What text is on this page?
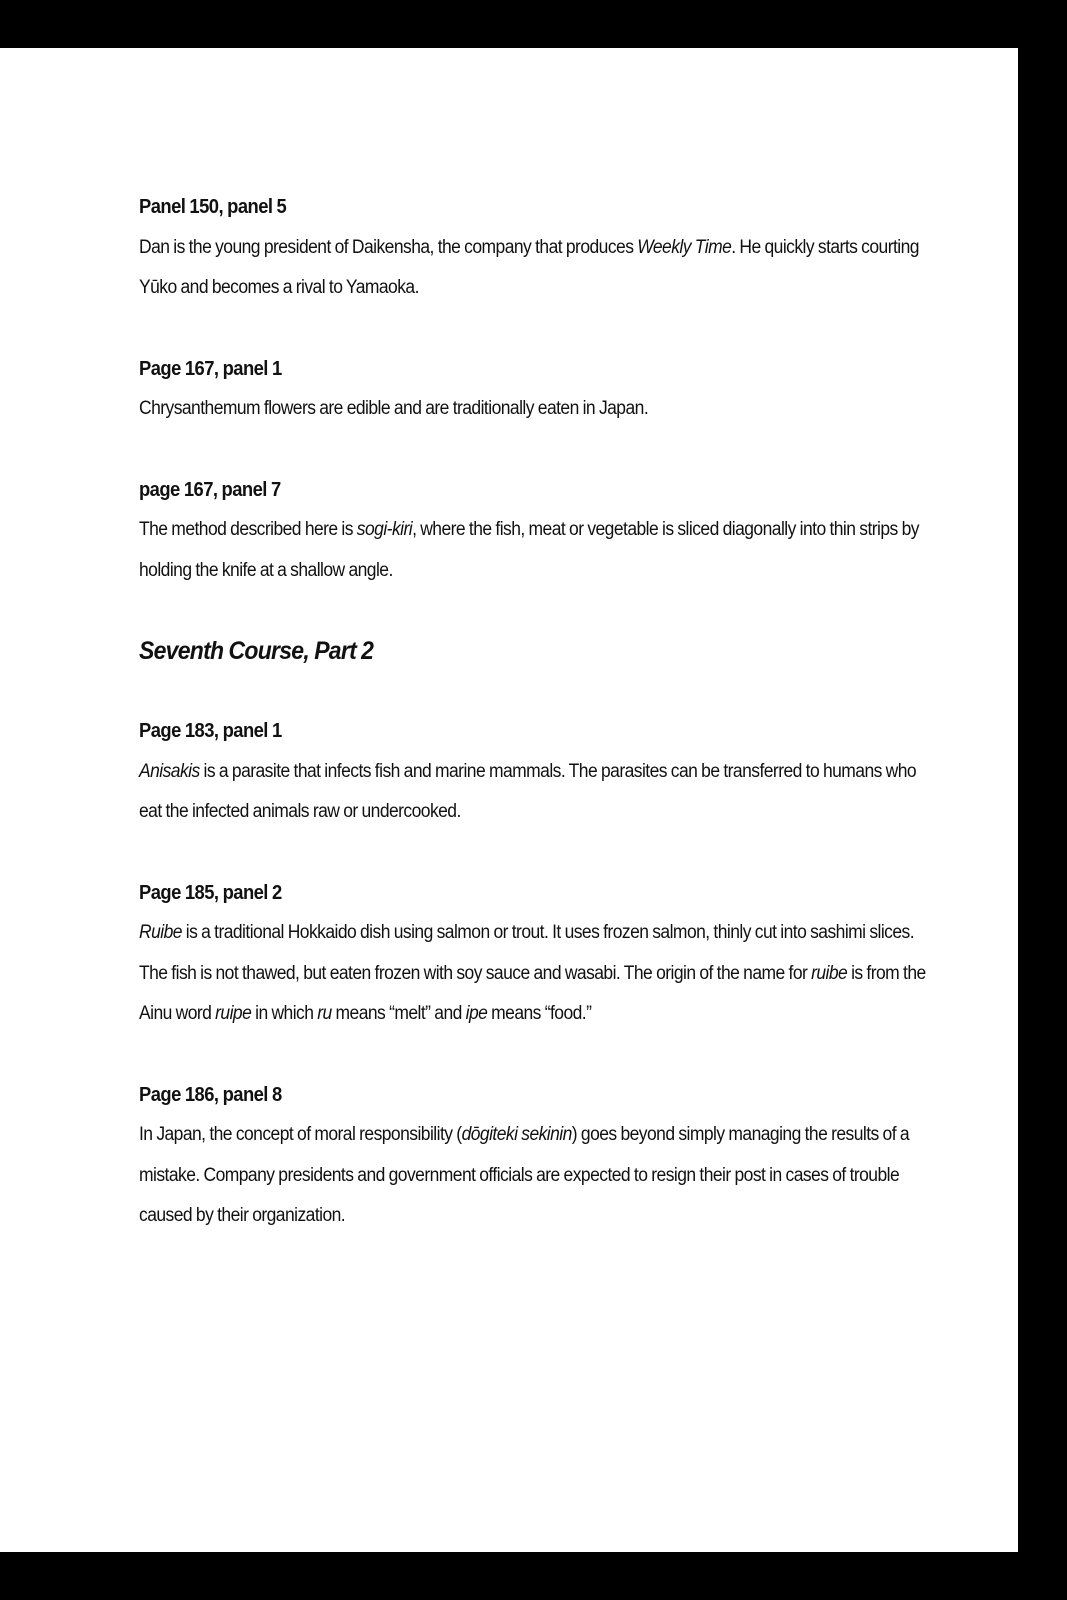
Panel 150, panel 5

Dan is the young president of Daikensha, the company that produces Weekly Time. He quickly starts courting Yūko and becomes a rival to Yamaoka.

Page 167, panel 1

Chrysanthemum flowers are edible and are traditionally eaten in Japan.

page 167, panel 7

The method described here is sogi-kiri, where the fish, meat or vegetable is sliced diagonally into thin strips by holding the knife at a shallow angle.

Seventh Course, Part 2

Page 183, panel 1

Anisakis is a parasite that infects fish and marine mammals. The parasites can be transferred to humans who eat the infected animals raw or undercooked.

Page 185, panel 2

Ruibe is a traditional Hokkaido dish using salmon or trout. It uses frozen salmon, thinly cut into sashimi slices. The fish is not thawed, but eaten frozen with soy sauce and wasabi. The origin of the name for ruibe is from the Ainu word ruipe in which ru means “melt” and ipe means “food.”

Page 186, panel 8

In Japan, the concept of moral responsibility (dōgiteki sekinin) goes beyond simply managing the results of a mistake. Company presidents and government officials are expected to resign their post in cases of trouble caused by their organization.
